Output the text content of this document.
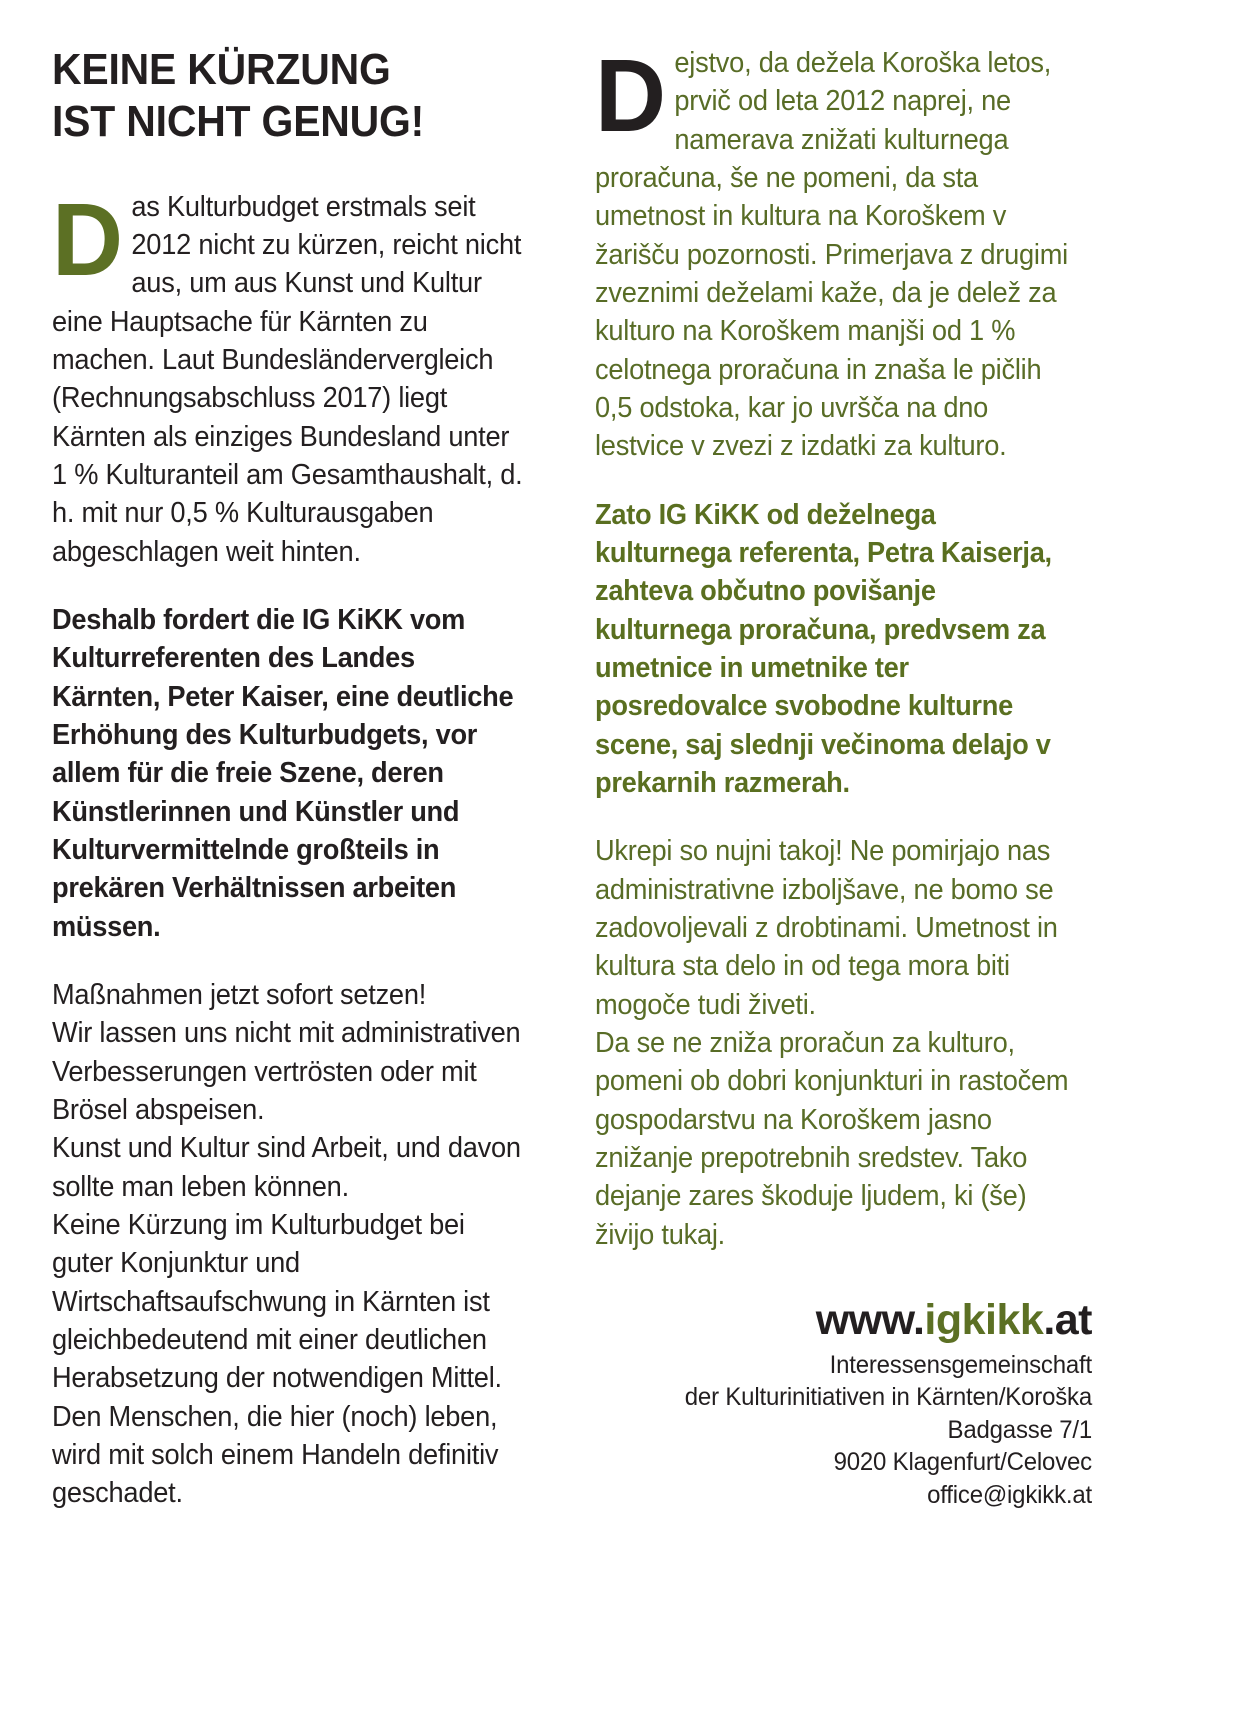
KEINE KÜRZUNG
IST NICHT GENUG!

Das Kulturbudget erstmals seit 2012 nicht zu kürzen, reicht nicht aus, um aus Kunst und Kultur eine Hauptsache für Kärnten zu machen. Laut Bundesländervergleich (Rechnungsabschluss 2017) liegt Kärnten als einziges Bundesland unter 1 % Kulturanteil am Gesamthaushalt, d. h. mit nur 0,5 % Kulturausgaben abgeschlagen weit hinten.

Deshalb fordert die IG KiKK vom Kulturreferenten des Landes Kärnten, Peter Kaiser, eine deutliche Erhöhung des Kulturbudgets, vor allem für die freie Szene, deren Künstlerinnen und Künstler und Kulturvermittelnde großteils in prekären Verhältnissen arbeiten müssen.

Maßnahmen jetzt sofort setzen!

Wir lassen uns nicht mit administrativen Verbesserungen vertrösten oder mit Brösel abspeisen.

Kunst und Kultur sind Arbeit, und davon sollte man leben können.

Keine Kürzung im Kulturbudget bei guter Konjunktur und Wirtschaftsaufschwung in Kärnten ist gleichbedeutend mit einer deutlichen Herabsetzung der notwendigen Mittel. Den Menschen, die hier (noch) leben, wird mit solch einem Handeln definitiv geschadet.

Dejstvo, da dežela Koroška letos, prvič od leta 2012 naprej, ne namerava znižati kulturnega proračuna, še ne pomeni, da sta umetnost in kultura na Koroškem v žarišču pozornosti. Primerjava z drugimi zveznimi deželami kaže, da je delež za kulturo na Koroškem manjši od 1 % celotnega proračuna in znaša le pičlih 0,5 odstoka, kar jo uvršča na dno lestvice v zvezi z izdatki za kulturo.

Zato IG KiKK od deželnega kulturnega referenta, Petra Kaiserja, zahteva občutno povišanje kulturnega proračuna, predvsem za umetnice in umetnike ter posredovalce svobodne kulturne scene, saj slednji večinoma delajo v prekarnih razmerah.

Ukrepi so nujni takoj! Ne pomirjajo nas administrativne izboljšave, ne bomo se zadovoljevali z drobtinami. Umetnost in kultura sta delo in od tega mora biti mogoče tudi živeti.

Da se ne zniža proračun za kulturo, pomeni ob dobri konjunkturi in rastočem gospodarstvu na Koroškem jasno znižanje prepotrebnih sredstev. Tako dejanje zares škoduje ljudem, ki (še) živijo tukaj.

www.igkikk.at
Interessensgemeinschaft
der Kulturinitiativen in Kärnten/Koroška
Badgasse 7/1
9020 Klagenfurt/Celovec
office@igkikk.at
